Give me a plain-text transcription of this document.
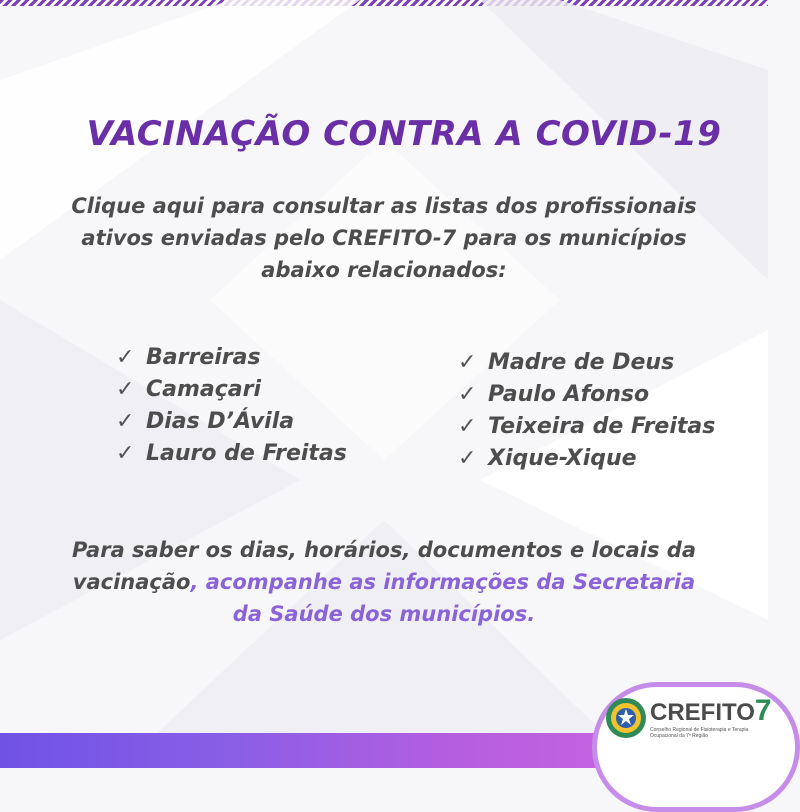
VACINAÇÃO CONTRA A COVID-19

Clique aqui para consultar as listas dos profissionais ativos enviadas pelo CREFITO-7 para os municípios abaixo relacionados:

✓ Barreiras
✓ Camaçari
✓ Dias D’Ávila
✓ Lauro de Freitas
✓ Madre de Deus
✓ Paulo Afonso
✓ Teixeira de Freitas
✓ Xique-Xique

Para saber os dias, horários, documentos e locais da vacinação, acompanhe as informações da Secretaria da Saúde dos municípios.

CREFITO7
Conselho Regional de Fisioterapia e Terapia Ocupacional da 7ª Região
